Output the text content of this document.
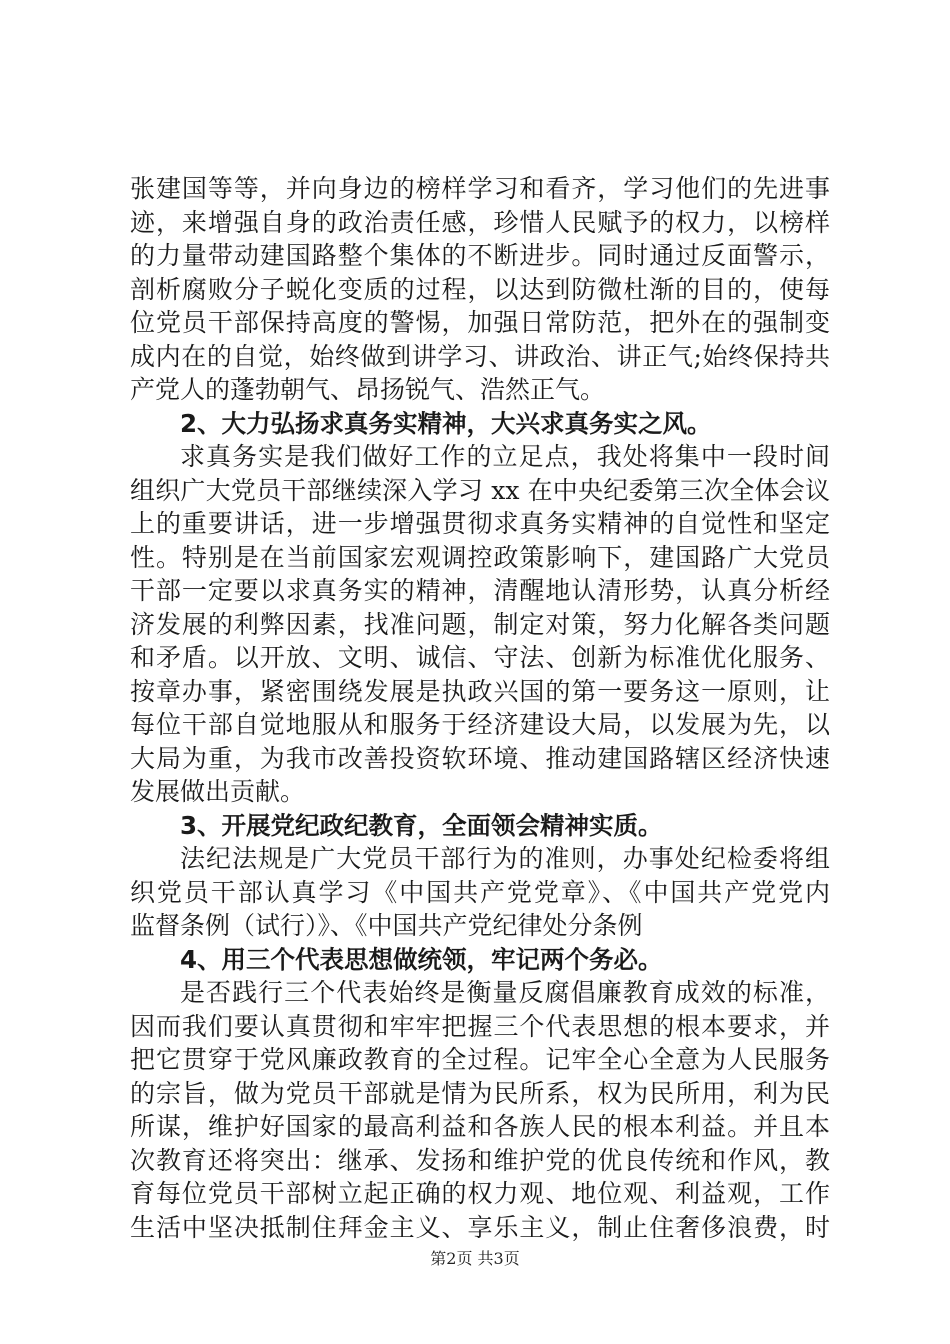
张建国等等，并向身边的榜样学习和看齐，学习他们的先进事
迹，来增强自身的政治责任感，珍惜人民赋予的权力，以榜样
的力量带动建国路整个集体的不断进步。同时通过反面警示，
剖析腐败分子蜕化变质的过程，以达到防微杜渐的目的，使每
位党员干部保持高度的警惕，加强日常防范，把外在的强制变
成内在的自觉，始终做到讲学习、讲政治、讲正气;始终保持共
产党人的蓬勃朝气、昂扬锐气、浩然正气。
2、大力弘扬求真务实精神，大兴求真务实之风。
求真务实是我们做好工作的立足点，我处将集中一段时间
组织广大党员干部继续深入学习 xx 在中央纪委第三次全体会议
上的重要讲话，进一步增强贯彻求真务实精神的自觉性和坚定
性。特别是在当前国家宏观调控政策影响下，建国路广大党员
干部一定要以求真务实的精神，清醒地认清形势，认真分析经
济发展的利弊因素，找准问题，制定对策，努力化解各类问题
和矛盾。以开放、文明、诚信、守法、创新为标准优化服务、
按章办事，紧密围绕发展是执政兴国的第一要务这一原则，让
每位干部自觉地服从和服务于经济建设大局，以发展为先，以
大局为重，为我市改善投资软环境、推动建国路辖区经济快速
发展做出贡献。
3、开展党纪政纪教育，全面领会精神实质。
法纪法规是广大党员干部行为的准则，办事处纪检委将组
织党员干部认真学习《中国共产党党章》、《中国共产党党内
监督条例（试行）》、《中国共产党纪律处分条例
4、用三个代表思想做统领，牢记两个务必。
是否践行三个代表始终是衡量反腐倡廉教育成效的标准，
因而我们要认真贯彻和牢牢把握三个代表思想的根本要求，并
把它贯穿于党风廉政教育的全过程。记牢全心全意为人民服务
的宗旨，做为党员干部就是情为民所系，权为民所用，利为民
所谋，维护好国家的最高利益和各族人民的根本利益。并且本
次教育还将突出：继承、发扬和维护党的优良传统和作风，教
育每位党员干部树立起正确的权力观、地位观、利益观，工作
生活中坚决抵制住拜金主义、享乐主义，制止住奢侈浪费，时
第2页 共3页
